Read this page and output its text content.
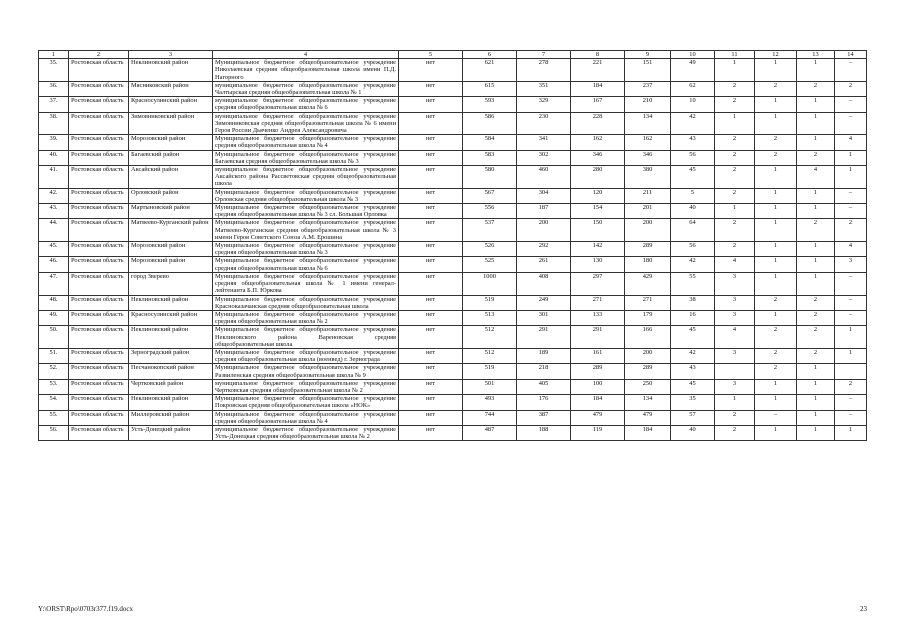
1	2	3	4	5	6	7	8	9	10	11	12	13	14
35.	Ростовская область	Неклиновский район	Муниципальное бюджетное общеобразовательное учреждение Николаевская средняя общеобразовательная школа имени П.Д. Нагорного	нет	621	278	221	151	49	1	1	1	–
36.	Ростовская область	Мясниковский район	муниципальное бюджетное общеобразовательное учреждение Чалтырская средняя общеобразовательная школа № 1	нет	615	351	184	237	62	2	2	2	2
37.	Ростовская область	Красносулинский район	муниципальное бюджетное общеобразовательное учреждение средняя общеобразовательная школа № 6	нет	593	329	167	210	10	2	1	1	–
38.	Ростовская область	Зимовниковский район	муниципальное бюджетное общеобразовательное учреждение Зимовниковская средняя общеобразовательная школа № 6 имени Героя России Дьяченко Андрея Александровича	нет	586	230	228	134	42	1	1	1	–
39.	Ростовская область	Морозовский район	Муниципальное бюджетное общеобразовательное учреждение средняя общеобразовательная школа № 4	нет	584	341	162	162	43	2	2	1	4
40.	Ростовская область	Багаевский район	Муниципальное бюджетное общеобразовательное учреждение Багаевская средняя общеобразовательная школа № 3	нет	583	302	346	346	56	2	2	2	1
41.	Ростовская область	Аксайский район	муниципальное бюджетное общеобразовательное учреждение Аксайского района Рассветовская средняя общеобразовательная школа	нет	580	460	280	380	45	2	1	4	1
42.	Ростовская область	Орловский район	Муниципальное бюджетное общеобразовательное учреждение Орловская средняя общеобразовательная школа № 3	нет	567	304	120	211	5	2	1	1	–
43.	Ростовская область	Мартыновский район	Муниципальное бюджетное общеобразовательное учреждение средняя общеобразовательная школа № 3 сл. Большая Орловка	нет	556	187	154	201	40	1	1	1	–
44.	Ростовская область	Матвеево-Курганский район	Муниципальное бюджетное общеобразовательное учреждение Матвеево-Курганская средняя общеобразовательная школа № 3 имени Героя Советского Союза А.М. Ерошина	нет	537	200	150	200	64	2	1	2	2
45.	Ростовская область	Морозовский район	Муниципальное бюджетное общеобразовательное учреждение средняя общеобразовательная школа № 3	нет	526	292	142	289	56	2	1	1	4
46.	Ростовская область	Морозовский район	Муниципальное бюджетное общеобразовательное учреждение средняя общеобразовательная школа № 6	нет	525	261	130	180	42	4	1	1	3
47.	Ростовская область	город Зверево	Муниципальное бюджетное общеобразовательное учреждение средняя общеобразовательная школа № 1 имени генерал-лейтенанта Б.П. Юркова	нет	1000	408	297	429	55	3	1	1	–
48.	Ростовская область	Неклиновский район	Муниципальное бюджетное общеобразовательное учреждение Красноказачанская средняя общеобразовательная школа	нет	519	249	271	271	38	3	2	2	–
49.	Ростовская область	Красносулинский район	Муниципальное бюджетное общеобразовательное учреждение средняя общеобразовательная школа № 2	нет	513	301	133	179	16	3	1	2	–
50.	Ростовская область	Неклиновский район	Муниципальное бюджетное общеобразовательное учреждение Неклиновского района Вареновская средняя общеобразовательная школа	нет	512	291	291	166	45	4	2	2	1
51.	Ростовская область	Зерноградский район	Муниципальное бюджетное общеобразовательное учреждение средняя общеобразовательная школа (военвед) г. Зернограда	нет	512	189	161	200	42	3	2	2	1
52.	Ростовская область	Песчанокопский район	Муниципальное бюджетное общеобразовательное учреждение Развиленская средняя общеобразовательная школа № 9	нет	519	218	289	289	43		2	1	
53.	Ростовская область	Чертковский район	муниципальное бюджетное общеобразовательное учреждение Чертковская средняя общеобразовательная школа № 2	нет	501	405	100	250	45	3	1	1	2
54.	Ростовская область	Неклиновский район	Муниципальное бюджетное общеобразовательное учреждение Покровская средняя общеобразовательная школа «НОК»	нет	493	176	184	134	35	1	1	1	–
55.	Ростовская область	Миллеровский район	Муниципальное бюджетное общеобразовательное учреждение средняя общеобразовательная школа № 4	нет	744	387	479	479	57	2	–	1	–
56.	Ростовская область	Усть-Донецкий район	муниципальное бюджетное общеобразовательное учреждение Усть-Донецкая средняя общеобразовательная школа № 2	нет	487	188	119	184	40	2	1	1	1
Y:\ORST\Rpo\0703r377.f19.docx	23
